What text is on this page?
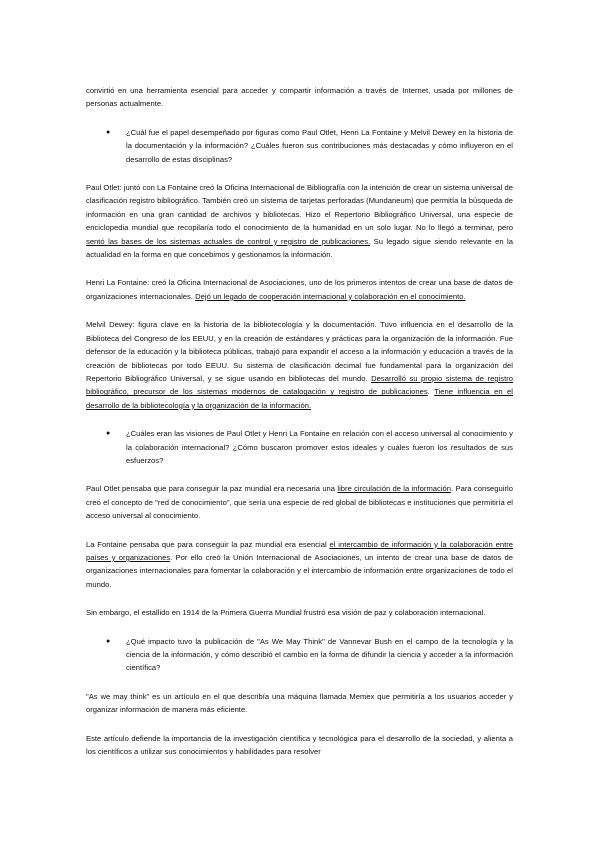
convirtió en una herramienta esencial para acceder y compartir información a través de Internet, usada por millones de personas actualmente.

●	¿Cuál fue el papel desempeñado por figuras como Paul Otlet, Henri La Fontaine y Melvil Dewey en la historia de la documentación y la información? ¿Cuáles fueron sus contribuciones más destacadas y cómo influyeron en el desarrollo de estas disciplinas?

Paul Otlet: juntó con La Fontaine creó la Oficina Internacional de Bibliografía con la intención de crear un sistema universal de clasificación registro bibliográfico. También creó un sistema de tarjetas perforadas (Mundaneum) que permitía la búsqueda de información en una gran cantidad de archivos y bibliotecas. Hizo el Repertorio Bibliográfico Universal, una especie de enciclopedia mundial que recopilaría todo el conocimiento de la humanidad en un solo lugar. No lo llegó a terminar, pero sentó las bases de los sistemas actuales de control y registro de publicaciones. Su legado sigue siendo relevante en la actualidad en la forma en que concebimos y gestionamos la información.

Henri La Fontaine: creó la Oficina Internacional de Asociaciones, uno de los primeros intentos de crear una base de datos de organizaciones internacionales. Dejó un legado de cooperación internacional y colaboración en el conocimiento.

Melvil Dewey: figura clave en la historia de la bibliotecología y la documentación. Tuvo influencia en el desarrollo de la Biblioteca del Congreso de los EEUU, y en la creación de estándares y prácticas para la organización de la información. Fue defensor de la educación y la biblioteca públicas, trabajó para expandir el acceso a la información y educación a través de la creación de bibliotecas por todo EEUU. Su sistema de clasificación decimal fue fundamental para la organización del Repertorio Bibliográfico Universal, y se sigue usando en bibliotecas del mundo. Desarrolló su propio sistema de registro bibliográfico, precursor de los sistemas modernos de catalogación y registro de publicaciones. Tiene influencia en el desarrollo de la bibliotecología y la organización de la información.

●	¿Cuáles eran las visiones de Paul Otlet y Henri La Fontaine en relación con el acceso universal al conocimiento y la colaboración internacional? ¿Cómo buscaron promover estos ideales y cuáles fueron los resultados de sus esfuerzos?

Paul Otlet pensaba que para conseguir la paz mundial era necesaria una libre circulación de la información. Para conseguirlo creó el concepto de "red de conocimiento", que sería una especie de red global de bibliotecas e instituciones que permitiría el acceso universal al conocimiento.

La Fontaine pensaba que para conseguir la paz mundial era esencial el intercambio de información y la colaboración entre países y organizaciones. Por ello creó la Unión Internacional de Asociaciones, un intento de crear una base de datos de organizaciones internacionales para fomentar la colaboración y el intercambio de información entre organizaciones de todo el mundo.

Sin embargo, el estallido en 1914 de la Primera Guerra Mundial frustró esa visión de paz y colaboración internacional.

●	¿Qué impacto tuvo la publicación de "As We May Think" de Vannevar Bush en el campo de la tecnología y la ciencia de la información, y cómo describió el cambio en la forma de difundir la ciencia y acceder a la información científica?

"As we may think" es un artículo en el que describía una máquina llamada Memex que permitiría a los usuarios acceder y organizar información de manera más eficiente.

Este artículo defiende la importancia de la investigación científica y tecnológica para el desarrollo de la sociedad, y alienta a los científicos a utilizar sus conocimientos y habilidades para resolver
